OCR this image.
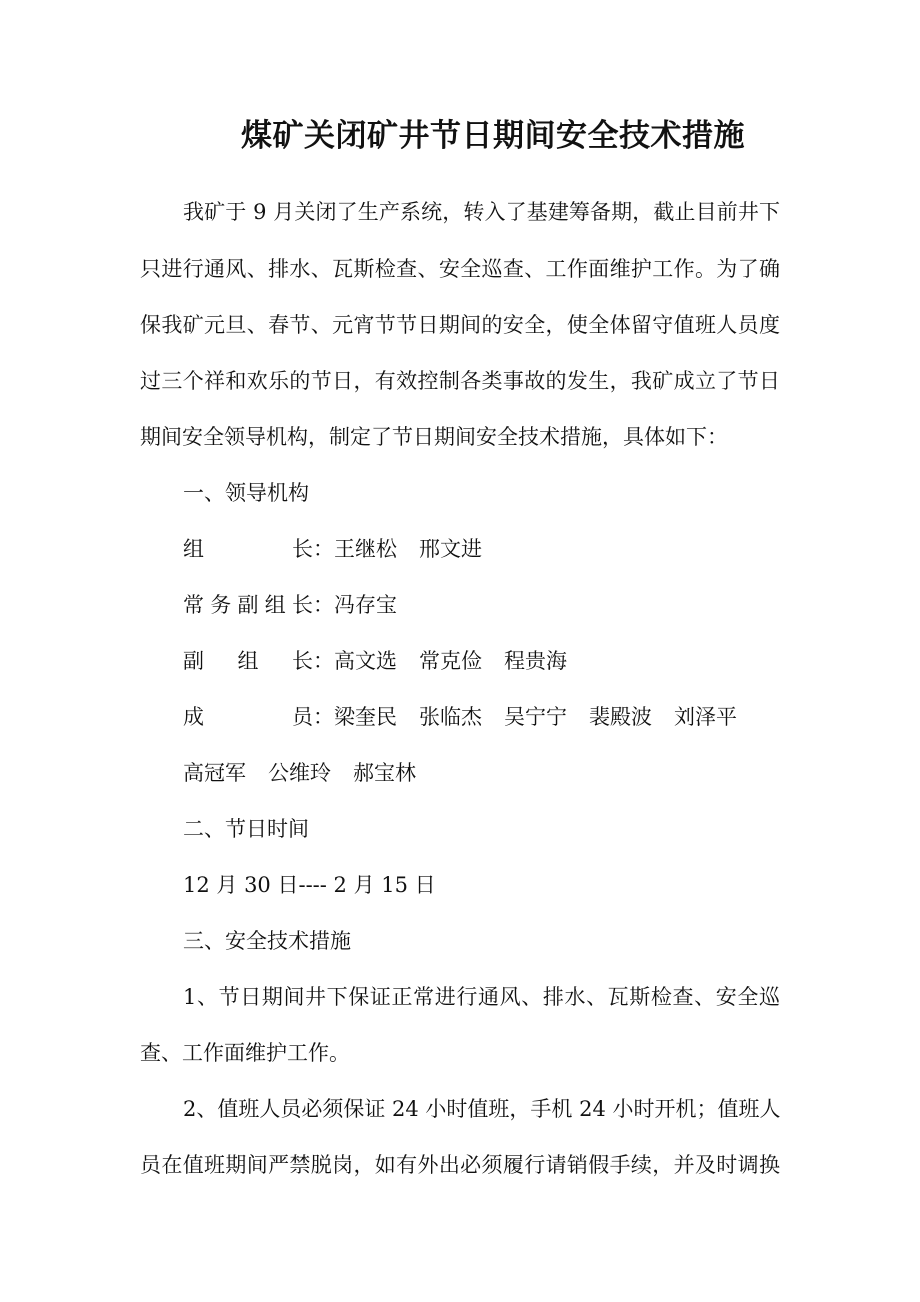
煤矿关闭矿井节日期间安全技术措施
我矿于 9 月关闭了生产系统，转入了基建筹备期，截止目前井下
只进行通风、排水、瓦斯检查、安全巡查、工作面维护工作。为了确
保我矿元旦、春节、元宵节节日期间的安全，使全体留守值班人员度
过三个祥和欢乐的节日，有效控制各类事故的发生，我矿成立了节日
期间安全领导机构，制定了节日期间安全技术措施，具体如下：
一、领导机构
组长：王继松 邢文进
常务副组长：冯存宝
副组长：高文选 常克俭 程贵海
成员：梁奎民 张临杰 吴宁宁 裴殿波 刘泽平
高冠军 公维玲 郝宝林
二、节日时间
12 月 30 日---- 2 月 15 日
三、安全技术措施
1、节日期间井下保证正常进行通风、排水、瓦斯检查、安全巡
查、工作面维护工作。
2、值班人员必须保证 24 小时值班，手机 24 小时开机；值班人
员在值班期间严禁脱岗，如有外出必须履行请销假手续，并及时调换
